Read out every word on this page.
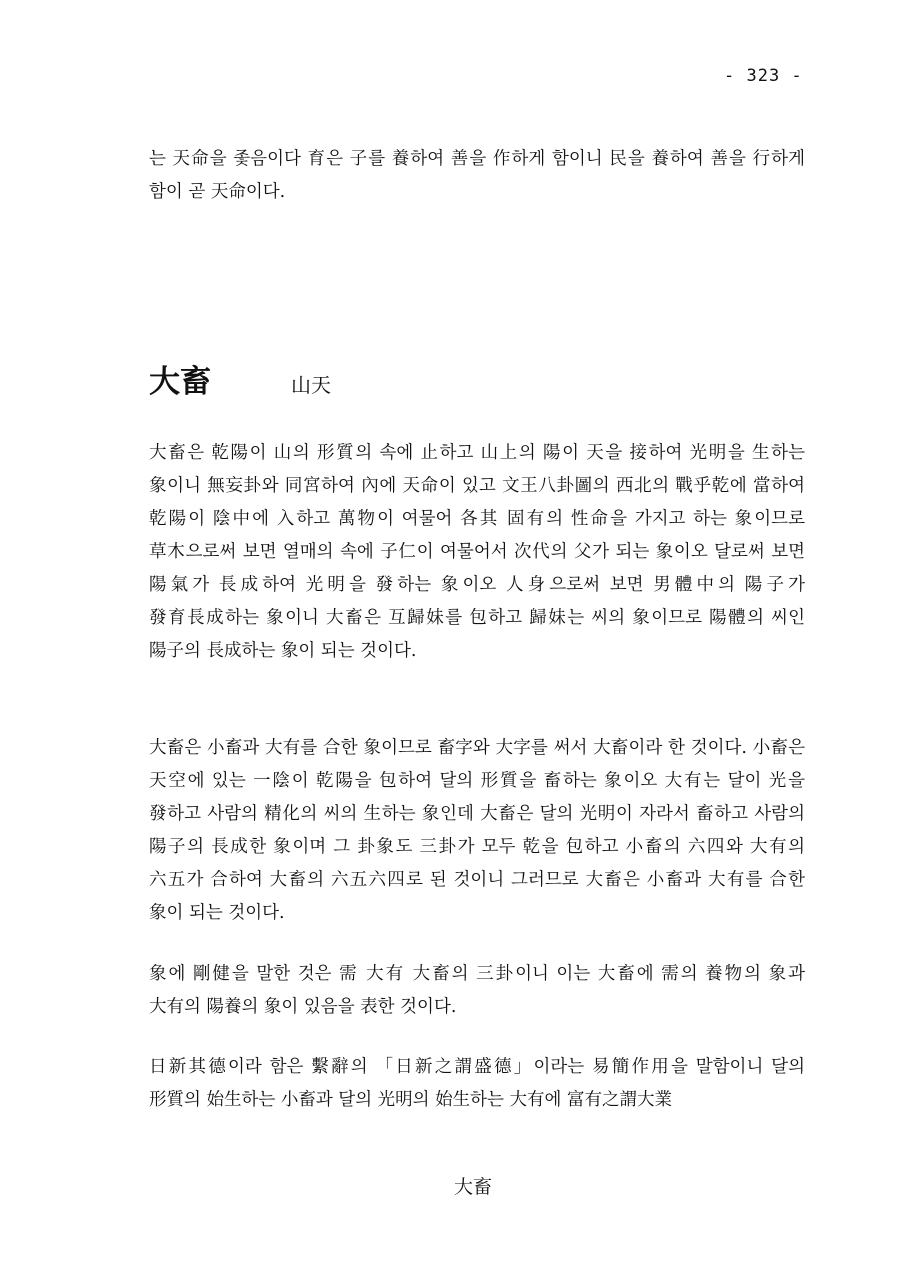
- 323 -

는 天命을 좇음이다 育은 子를 養하여 善을 作하게 함이니 民을 養하여 善을 行하게 함이 곧 天命이다.

大畜	山天

大畜은 乾陽이 山의 形質의 속에 止하고 山上의 陽이 天을 接하여 光明을 生하는 象이니 無妄卦와 同宮하여 內에 天命이 있고 文王八卦圖의 西北의 戰乎乾에 當하여 乾陽이 陰中에 入하고 萬物이 여물어 各其 固有의 性命을 가지고 하는 象이므로 草木으로써 보면 열매의 속에 子仁이 여물어서 次代의 父가 되는 象이오 달로써 보면 陽氣가 長成하여 光明을 發하는 象이오 人身으로써 보면 男體中의 陽子가 發育長成하는 象이니 大畜은 互歸妹를 包하고 歸妹는 씨의 象이므로 陽體의 씨인 陽子의 長成하는 象이 되는 것이다.

大畜은 小畜과 大有를 合한 象이므로 畜字와 大字를 써서 大畜이라 한 것이다. 小畜은 天空에 있는 一陰이 乾陽을 包하여 달의 形質을 畜하는 象이오 大有는 달이 光을 發하고 사람의 精化의 씨의 生하는 象인데 大畜은 달의 光明이 자라서 畜하고 사람의 陽子의 長成한 象이며 그 卦象도 三卦가 모두 乾을 包하고 小畜의 六四와 大有의 六五가 合하여 大畜의 六五六四로 된 것이니 그러므로 大畜은 小畜과 大有를 合한 象이 되는 것이다.

象에 剛健을 말한 것은 需 大有 大畜의 三卦이니 이는 大畜에 需의 養物의 象과 大有의 陽養의 象이 있음을 表한 것이다.

日新其德이라 함은 繫辭의 「日新之謂盛德」이라는 易簡作用을 말함이니 달의 形質의 始生하는 小畜과 달의 光明의 始生하는 大有에 富有之謂大業

大畜
